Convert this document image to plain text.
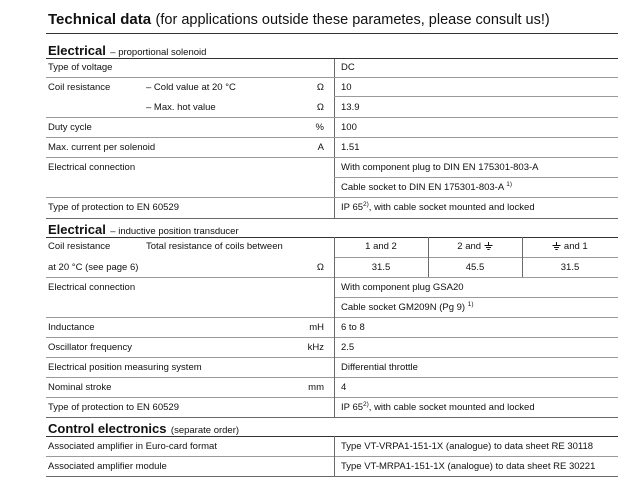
Technical data (for applications outside these parametes, please consult us!)
Electrical – proportional solenoid
Type of voltage	DC
Coil resistance	– Cold value at 20 °C	Ω 10
– Max. hot value	Ω 13.9
Duty cycle	% 100
Max. current per solenoid	A 1.51
Electrical connection	With component plug to DIN EN 175301-803-A
Cable socket to DIN EN 175301-803-A $^{1)}$
Type of protection to EN 60529	IP 65$^{2)}$, with cable socket mounted and locked
Electrical – inductive position transducer
Coil resistance	Total resistance of coils between	1 and 2	2 and	and 1
at 20 °C (see page 6)	Ω	31.5	45.5	31.5
Electrical connection	With component plug GSA20
Cable socket GM209N (Pg 9) $^{1)}$
Inductance	mH 6 to 8
Oscillator frequency	kHz 2.5
Electrical position measuring system	Differential throttle
Nominal stroke	mm 4
Type of protection to EN 60529	IP 65$^{2)}$, with cable socket mounted and locked
Control electronics (separate order)
Associated amplifier in Euro-card format	Type VT-VRPA1-151-1X (analogue) to data sheet RE 30118
Associated amplifier module	Type VT-MRPA1-151-1X (analogue) to data sheet RE 30221
